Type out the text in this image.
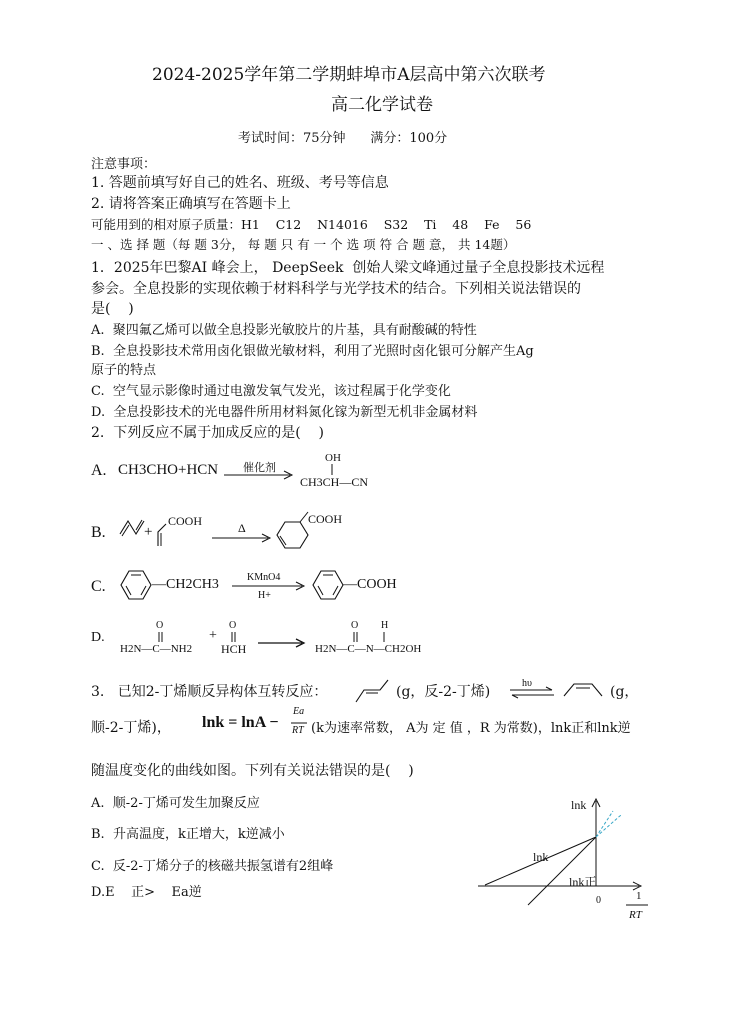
2024-2025学年第二学期蚌埠市A层高中第六次联考
高二化学试卷
考试时间：75分钟      满分：100分
注意事项：
1. 答题前填写好自己的姓名、班级、考号等信息
2. 请将答案正确填写在答题卡上
可能用到的相对原子质量：H1    C12    N14016    S32    Ti    48    Fe    56
一 、选 择 题（每 题 3分， 每 题 只 有 一 个 选 项 符 合 题 意， 共 14题）
1．2025年巴黎AI 峰会上， DeepSeek  创始人梁文峰通过量子全息投影技术远程
参会。全息投影的实现依赖于材料科学与光学技术的结合。下列相关说法错误的
是(    )
A.  聚四氟乙烯可以做全息投影光敏胶片的片基，具有耐酸碱的特性
B.  全息投影技术常用卤化银做光敏材料，利用了光照时卤化银可分解产生Ag
原子的特点
C.  空气显示影像时通过电激发氧气发光，该过程属于化学变化
D.  全息投影技术的光电器件所用材料氮化镓为新型无机非金属材料
2.  下列反应不属于加成反应的是(    )
A. CH3CHO+HCN 催化剂
OH
CH3CH—CN
B.	+
COOH	Δ
COOH
C.	—CH2CH3	KMnO4
H+
—COOH
D.
O
H2N—C—NH2
+
O
HCH
O H
H2N—C—N—CH2OH
3.   已知2-丁烯顺反异构体互转反应：	(g，反-2-丁烯)
hυ
(g，
顺-2-丁烯)， lnk = lnA −
Ea
RT (k为速率常数， A为 定 值 ，R 为常数)，lnk正和lnk逆
随温度变化的曲线如图。下列有关说法错误的是(    )
A.  顺-2-丁烯可发生加聚反应
B.  升高温度，k正增大，k逆减小
C.  反-2-丁烯分子的核磁共振氢谱有2组峰
D.E    正>    Ea逆
lnk
lnk
lnk正
0	1
RT
